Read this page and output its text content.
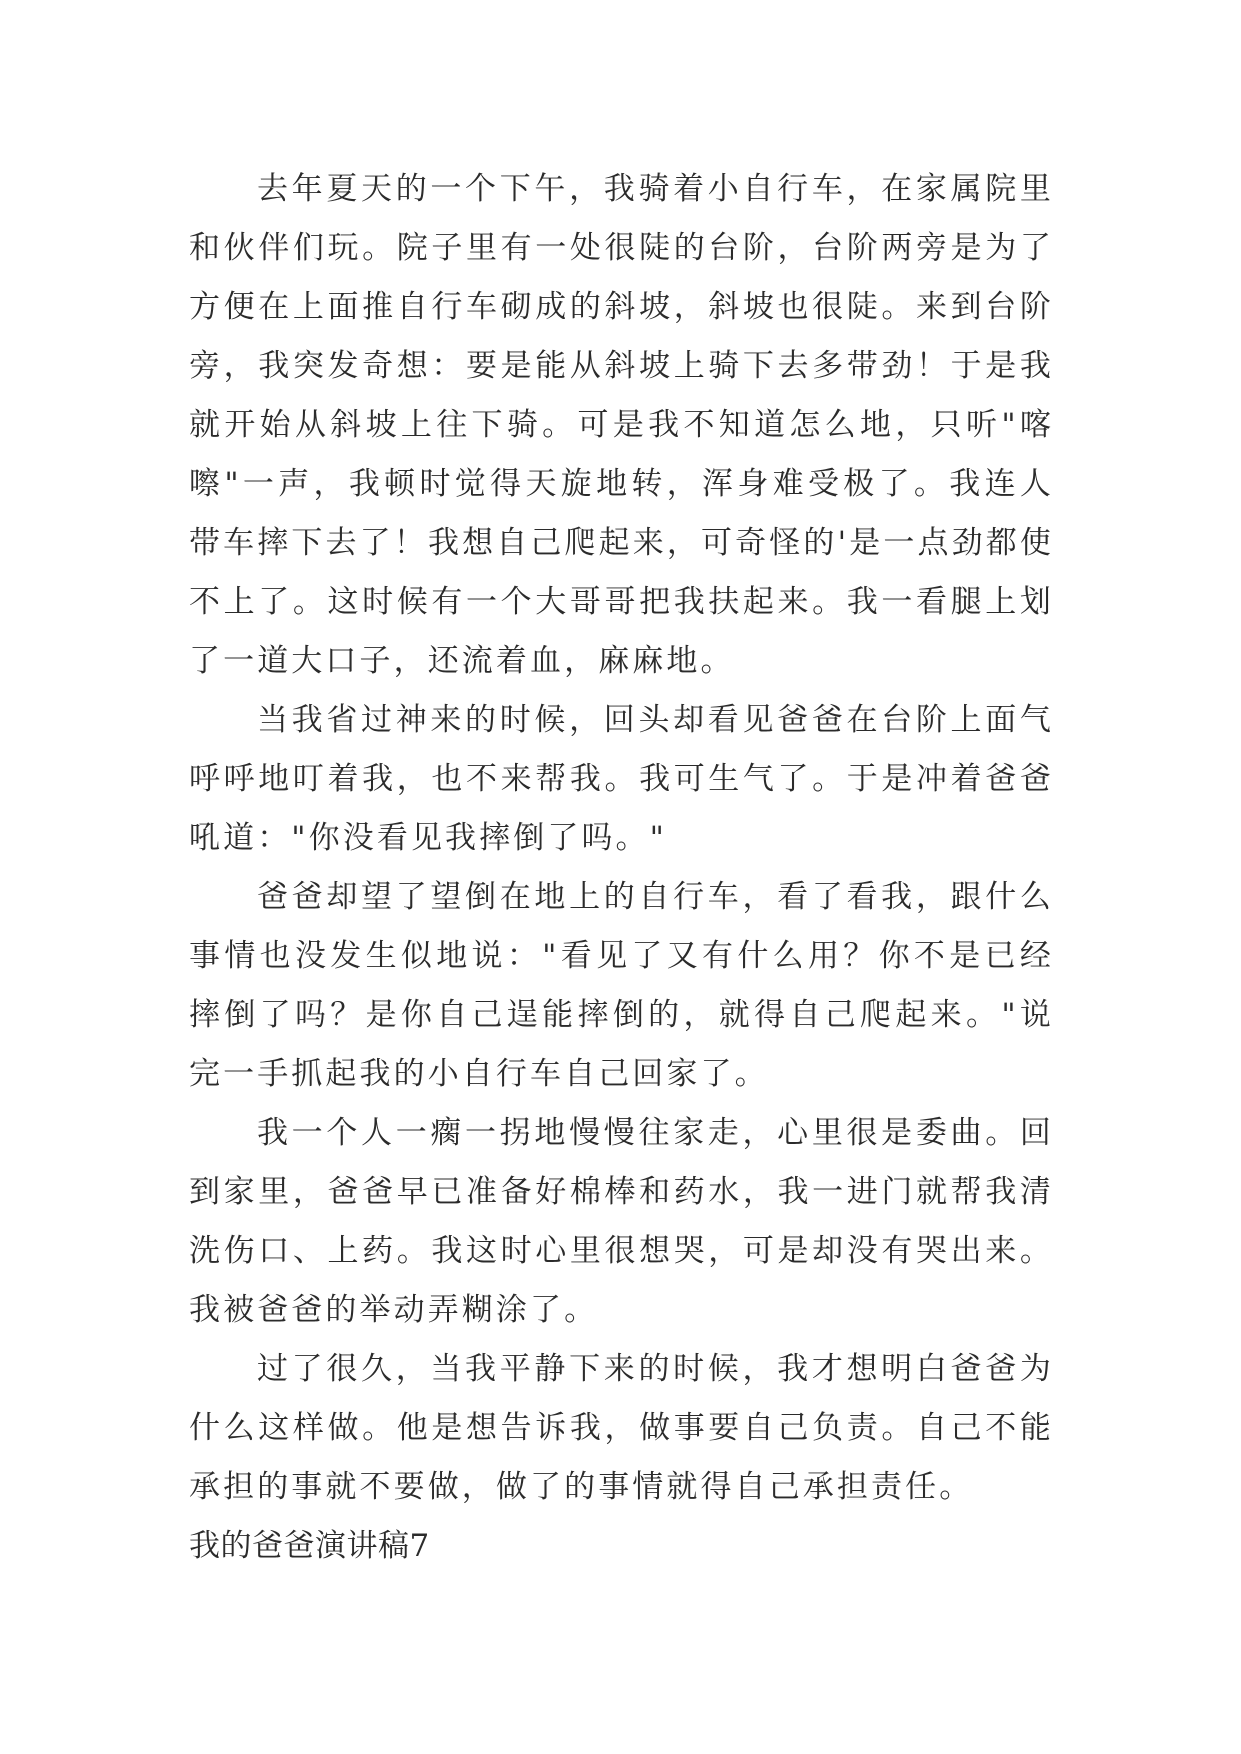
去年夏天的一个下午，我骑着小自行车，在家属院里和伙伴们玩。院子里有一处很陡的台阶，台阶两旁是为了方便在上面推自行车砌成的斜坡，斜坡也很陡。来到台阶旁，我突发奇想：要是能从斜坡上骑下去多带劲！于是我就开始从斜坡上往下骑。可是我不知道怎么地，只听"喀嚓"一声，我顿时觉得天旋地转，浑身难受极了。我连人带车摔下去了！我想自己爬起来，可奇怪的'是一点劲都使不上了。这时候有一个大哥哥把我扶起来。我一看腿上划了一道大口子，还流着血，麻麻地。

当我省过神来的时候，回头却看见爸爸在台阶上面气呼呼地叮着我，也不来帮我。我可生气了。于是冲着爸爸吼道："你没看见我摔倒了吗。"

爸爸却望了望倒在地上的自行车，看了看我，跟什么事情也没发生似地说："看见了又有什么用？你不是已经摔倒了吗？是你自己逞能摔倒的，就得自己爬起来。"说完一手抓起我的小自行车自己回家了。

我一个人一瘸一拐地慢慢往家走，心里很是委曲。回到家里，爸爸早已准备好棉棒和药水，我一进门就帮我清洗伤口、上药。我这时心里很想哭，可是却没有哭出来。我被爸爸的举动弄糊涂了。

过了很久，当我平静下来的时候，我才想明白爸爸为什么这样做。他是想告诉我，做事要自己负责。自己不能承担的事就不要做，做了的事情就得自己承担责任。

我的爸爸演讲稿7
